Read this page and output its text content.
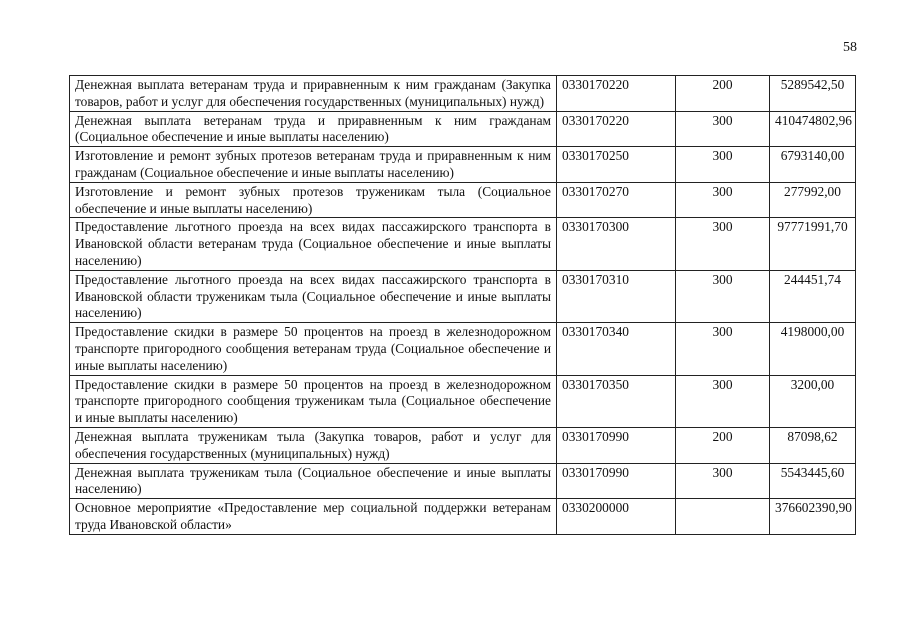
58
Денежная выплата ветеранам труда и приравненным к ним гражданам (Закупка товаров, работ и услуг для обеспечения государственных (муниципальных) нужд)	0330170220	200	5289542,50
Денежная выплата ветеранам труда и приравненным к ним гражданам (Социальное обеспечение и иные выплаты населению)	0330170220	300	410474802,96
Изготовление и ремонт зубных протезов ветеранам труда и приравненным к ним гражданам (Социальное обеспечение и иные выплаты населению)	0330170250	300	6793140,00
Изготовление и ремонт зубных протезов труженикам тыла (Социальное обеспечение и иные выплаты населению)	0330170270	300	277992,00
Предоставление льготного проезда на всех видах пассажирского транспорта в Ивановской области ветеранам труда (Социальное обеспечение и иные выплаты населению)	0330170300	300	97771991,70
Предоставление льготного проезда на всех видах пассажирского транспорта в Ивановской области труженикам тыла (Социальное обеспечение и иные выплаты населению)	0330170310	300	244451,74
Предоставление скидки в размере 50 процентов на проезд в железнодорожном транспорте пригородного сообщения ветеранам труда (Социальное обеспечение и иные выплаты населению)	0330170340	300	4198000,00
Предоставление скидки в размере 50 процентов на проезд в железнодорожном транспорте пригородного сообщения труженикам тыла (Социальное обеспечение и иные выплаты населению)	0330170350	300	3200,00
Денежная выплата труженикам тыла (Закупка товаров, работ и услуг для обеспечения государственных (муниципальных) нужд)	0330170990	200	87098,62
Денежная выплата труженикам тыла (Социальное обеспечение и иные выплаты населению)	0330170990	300	5543445,60
Основное мероприятие «Предоставление мер социальной поддержки ветеранам труда Ивановской области»	0330200000		376602390,90
